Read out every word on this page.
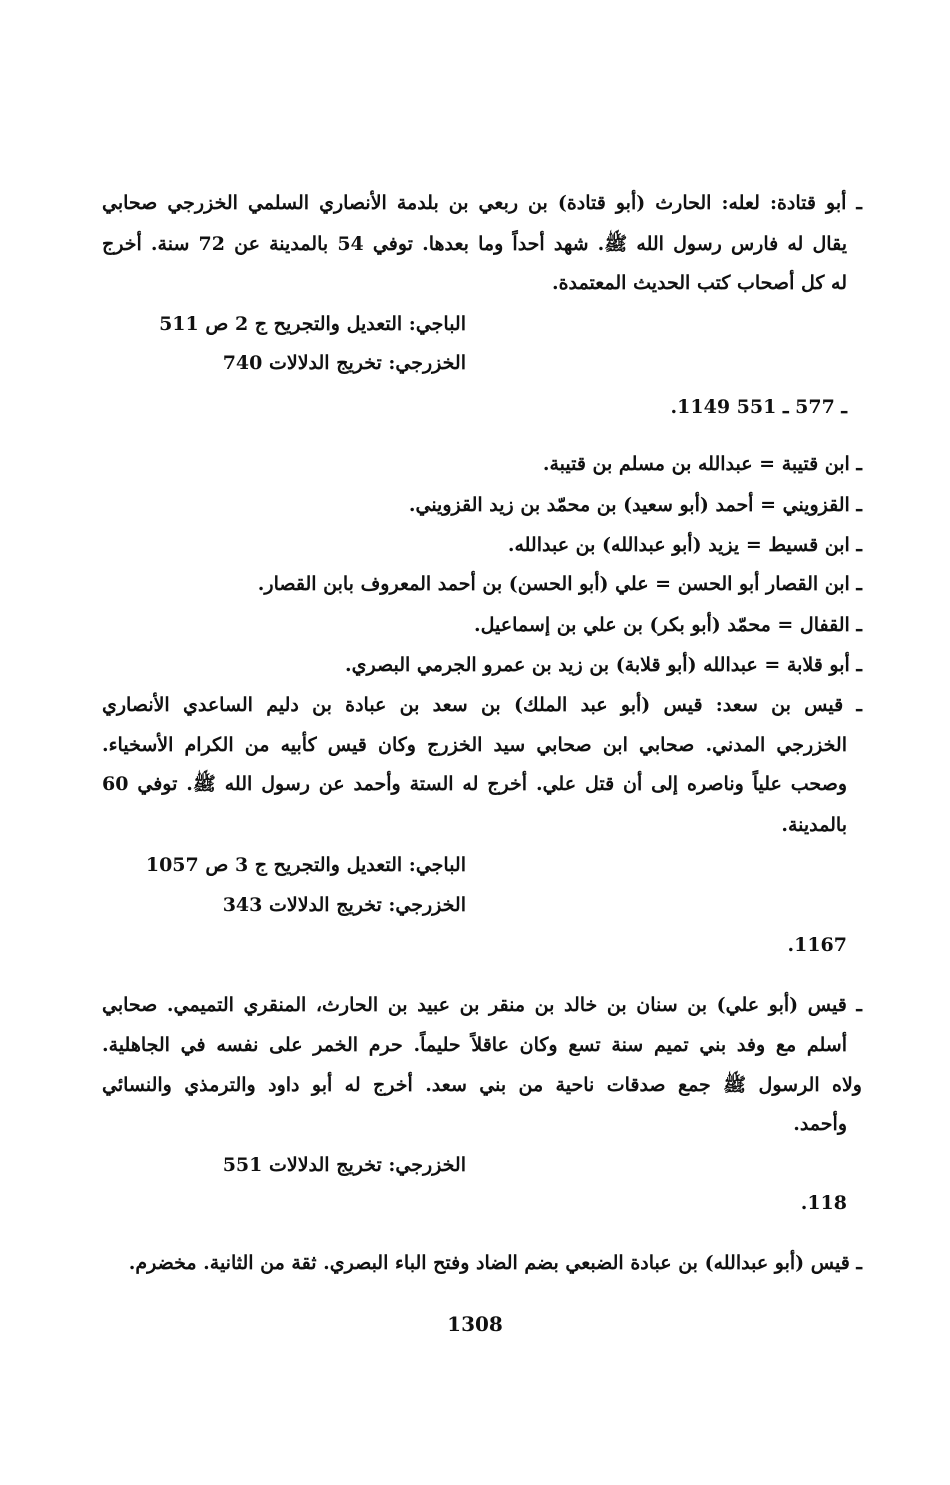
ـ أبو قتادة: لعله: الحارث (أبو قتادة) بن ربعي بن بلدمة الأنصاري السلمي الخزرجي صحابي
يقال له فارس رسول الله ﷺ. شهد أحداً وما بعدها. توفي 54 بالمدينة عن 72 سنة. أخرج
له كل أصحاب كتب الحديث المعتمدة.
الباجي: التعديل والتجريح ج 2 ص 511
الخزرجي: تخريج الدلالات 740
.1149 ـ 577 ـ 551
ـ ابن قتيبة = عبدالله بن مسلم بن قتيبة.
ـ القزويني = أحمد (أبو سعيد) بن محمّد بن زيد القزويني.
ـ ابن قسيط = يزيد (أبو عبدالله) بن عبدالله.
ـ ابن القصار أبو الحسن = علي (أبو الحسن) بن أحمد المعروف بابن القصار.
ـ القفال = محمّد (أبو بكر) بن علي بن إسماعيل.
ـ أبو قلابة = عبدالله (أبو قلابة) بن زيد بن عمرو الجرمي البصري.
ـ قيس بن سعد: قيس (أبو عبد الملك) بن سعد بن عبادة بن دليم الساعدي الأنصاري
الخزرجي المدني. صحابي ابن صحابي سيد الخزرج وكان قيس كأبيه من الكرام الأسخياء.
وصحب علياً وناصره إلى أن قتل علي. أخرج له الستة وأحمد عن رسول الله ﷺ. توفي 60
بالمدينة.
الباجي: التعديل والتجريح ج 3 ص 1057
الخزرجي: تخريج الدلالات 343
.1167
ـ قيس (أبو علي) بن سنان بن خالد بن منقر بن عبيد بن الحارث، المنقري التميمي. صحابي
أسلم مع وفد بني تميم سنة تسع وكان عاقلاً حليماً. حرم الخمر على نفسه في الجاهلية.
ولاه الرسول ﷺ جمع صدقات ناحية من بني سعد. أخرج له أبو داود والترمذي والنسائي
وأحمد.
الخزرجي: تخريج الدلالات 551
.118
ـ قيس (أبو عبدالله) بن عبادة الضبعي بضم الضاد وفتح الباء البصري. ثقة من الثانية. مخضرم.
1308
